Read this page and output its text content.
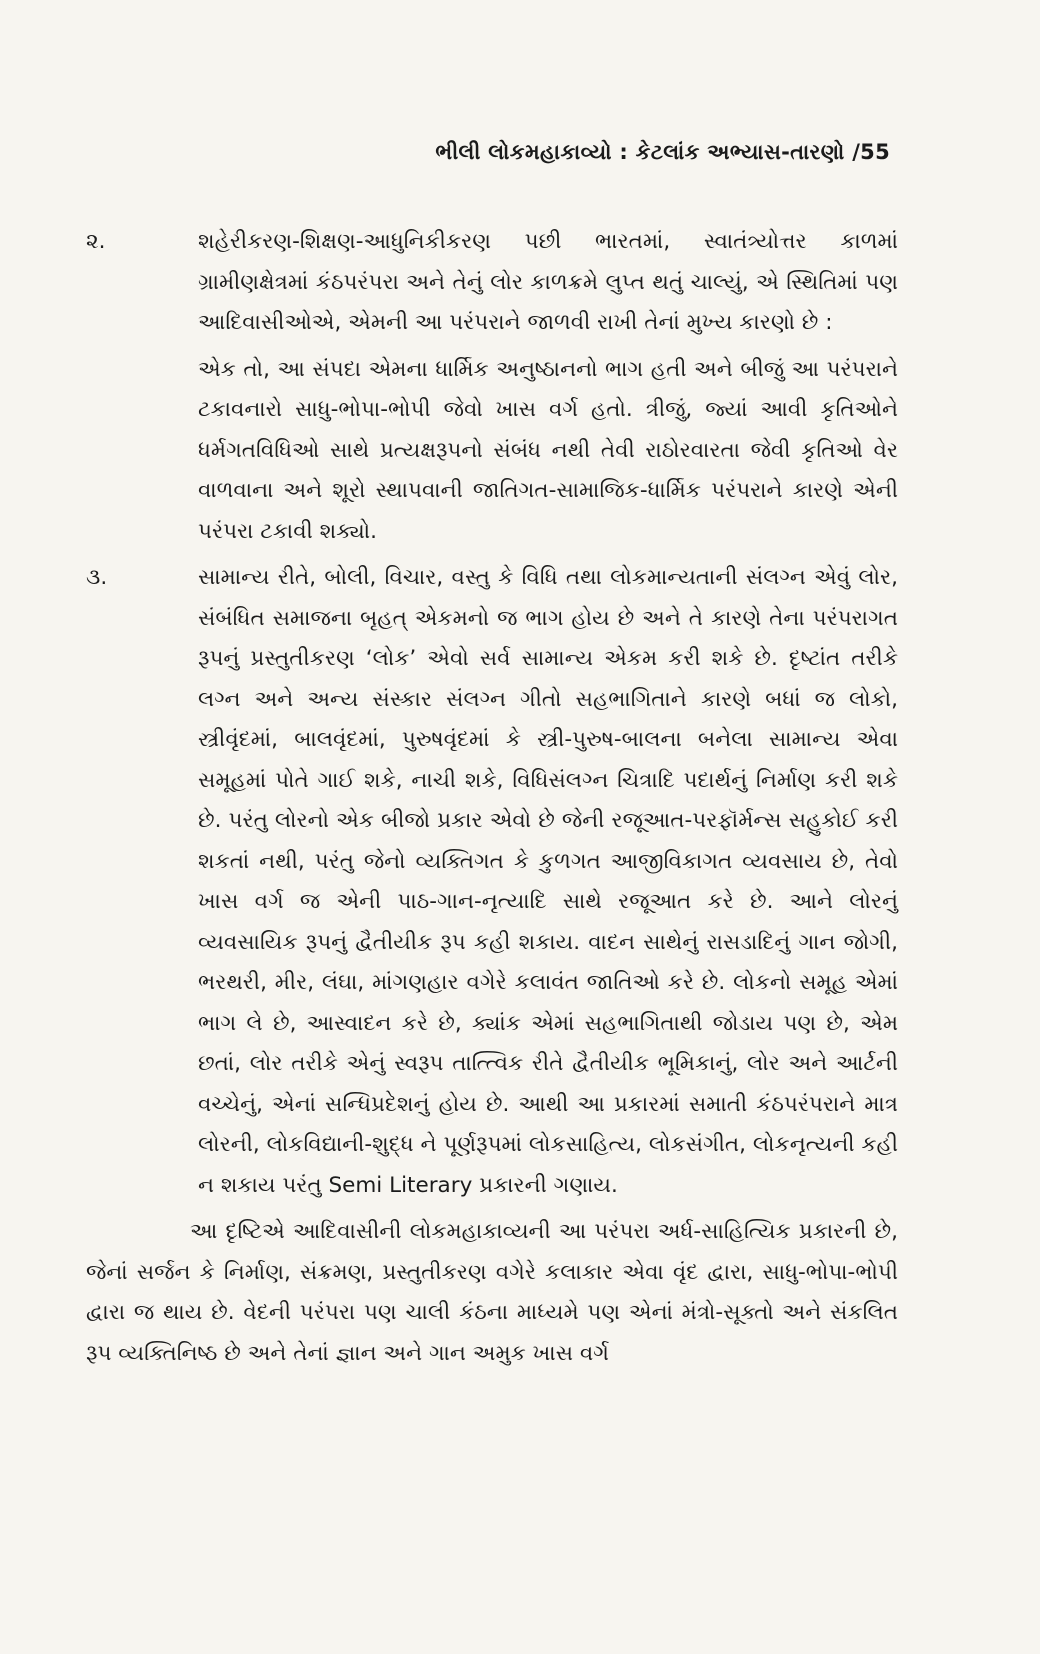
ભીલી લોકમહાકાવ્યો : કેટલાંક અભ્યાસ-તારણો /55
૨.	શહેરીકરણ-શિક્ષણ-આધુનિકીકરણ પછી ભારતમાં, સ્વાતંત્ર્યોત્તર કાળમાં ગ્રામીણક્ષેત્રમાં કંઠપરંપરા અને તેનું લોર કાળક્રમે લુપ્ત થતું ચાલ્યું, એ સ્થિતિમાં પણ આદિવાસીઓએ, એમની આ પરંપરાને જાળવી રાખી તેનાં મુખ્ય કારણો છે :

એક તો, આ સંપદા એમના ધાર્મિક અનુષ્ઠાનનો ભાગ હતી અને બીજું આ પરંપરાને ટકાવનારો સાધુ-ભોપા-ભોપી જેવો ખાસ વર્ગ હતો. ત્રીજું, જ્યાં આવી કૃતિઓને ધર્મગતવિધિઓ સાથે પ્રત્યક્ષરૂપનો સંબંધ નથી તેવી રાઠોરવારતા જેવી કૃતિઓ વેર વાળવાના અને શૂરો સ્થાપવાની જાતિગત-સામાજિક-ધાર્મિક પરંપરાને કારણે એની પરંપરા ટકાવી શક્યો.

૩.	સામાન્ય રીતે, બોલી, વિચાર, વસ્તુ કે વિધિ તથા લોકમાન્યતાની સંલગ્ન એવું લોર, સંબંધિત સમાજના બૃહત્ એકમનો જ ભાગ હોય છે અને તે કારણે તેના પરંપરાગત રૂપનું પ્રસ્તુતીકરણ ‘લોક’ એવો સર્વ સામાન્ય એકમ કરી શકે છે. દૃષ્ટાંત તરીકે લગ્ન અને અન્ય સંસ્કાર સંલગ્ન ગીતો સહભાગિતાને કારણે બધાં જ લોકો, સ્ત્રીવૃંદમાં, બાલવૃંદમાં, પુરુષવૃંદમાં કે સ્ત્રી-પુરુષ-બાલના બનેલા સામાન્ય એવા સમૂહમાં પોતે ગાઈ શકે, નાચી શકે, વિધિસંલગ્ન ચિત્રાદિ પદાર્થનું નિર્માણ કરી શકે છે. પરંતુ લોરનો એક બીજો પ્રકાર એવો છે જેની રજૂઆત-પરફૉર્મન્સ સહુકોઈ કરી શકતાં નથી, પરંતુ જેનો વ્યક્તિગત કે કુળગત આજીવિકાગત વ્યવસાય છે, તેવો ખાસ વર્ગ જ એની પાઠ-ગાન-નૃત્યાદિ સાથે રજૂઆત કરે છે. આને લોરનું વ્યવસાયિક રૂપનું દ્વૈતીયીક રૂપ કહી શકાય. વાદન સાથેનું રાસડાદિનું ગાન જોગી, ભરથરી, મીર, લંઘા, માંગણહાર વગેરે કલાવંત જાતિઓ કરે છે. લોકનો સમૂહ એમાં ભાગ લે છે, આસ્વાદન કરે છે, ક્યાંક એમાં સહભાગિતાથી જોડાય પણ છે, એમ છતાં, લોર તરીકે એનું સ્વરૂપ તાત્ત્વિક રીતે દ્વૈતીયીક ભૂમિકાનું, લોર અને આર્ટની વચ્ચેનું, એનાં સન્ધિપ્રદેશનું હોય છે. આથી આ પ્રકારમાં સમાતી કંઠપરંપરાને માત્ર લોરની, લોકવિદ્યાની-શુદ્ધ ને પૂર્ણરૂપમાં લોકસાહિત્ય, લોકસંગીત, લોકનૃત્યની કહી ન શકાય પરંતુ Semi Literary પ્રકારની ગણાય.

આ દૃષ્ટિએ આદિવાસીની લોકમહાકાવ્યની આ પરંપરા અર્ધ-સાહિત્યિક પ્રકારની છે, જેનાં સર્જન કે નિર્માણ, સંક્રમણ, પ્રસ્તુતીકરણ વગેરે કલાકાર એવા વૃંદ દ્વારા, સાધુ-ભોપા-ભોપી દ્વારા જ થાય છે. વેદની પરંપરા પણ ચાલી કંઠના માધ્યમે પણ એનાં મંત્રો-સૂક્તો અને સંકલિત રૂપ વ્યક્તિનિષ્ઠ છે અને તેનાં જ્ઞાન અને ગાન અમુક ખાસ વર્ગ
